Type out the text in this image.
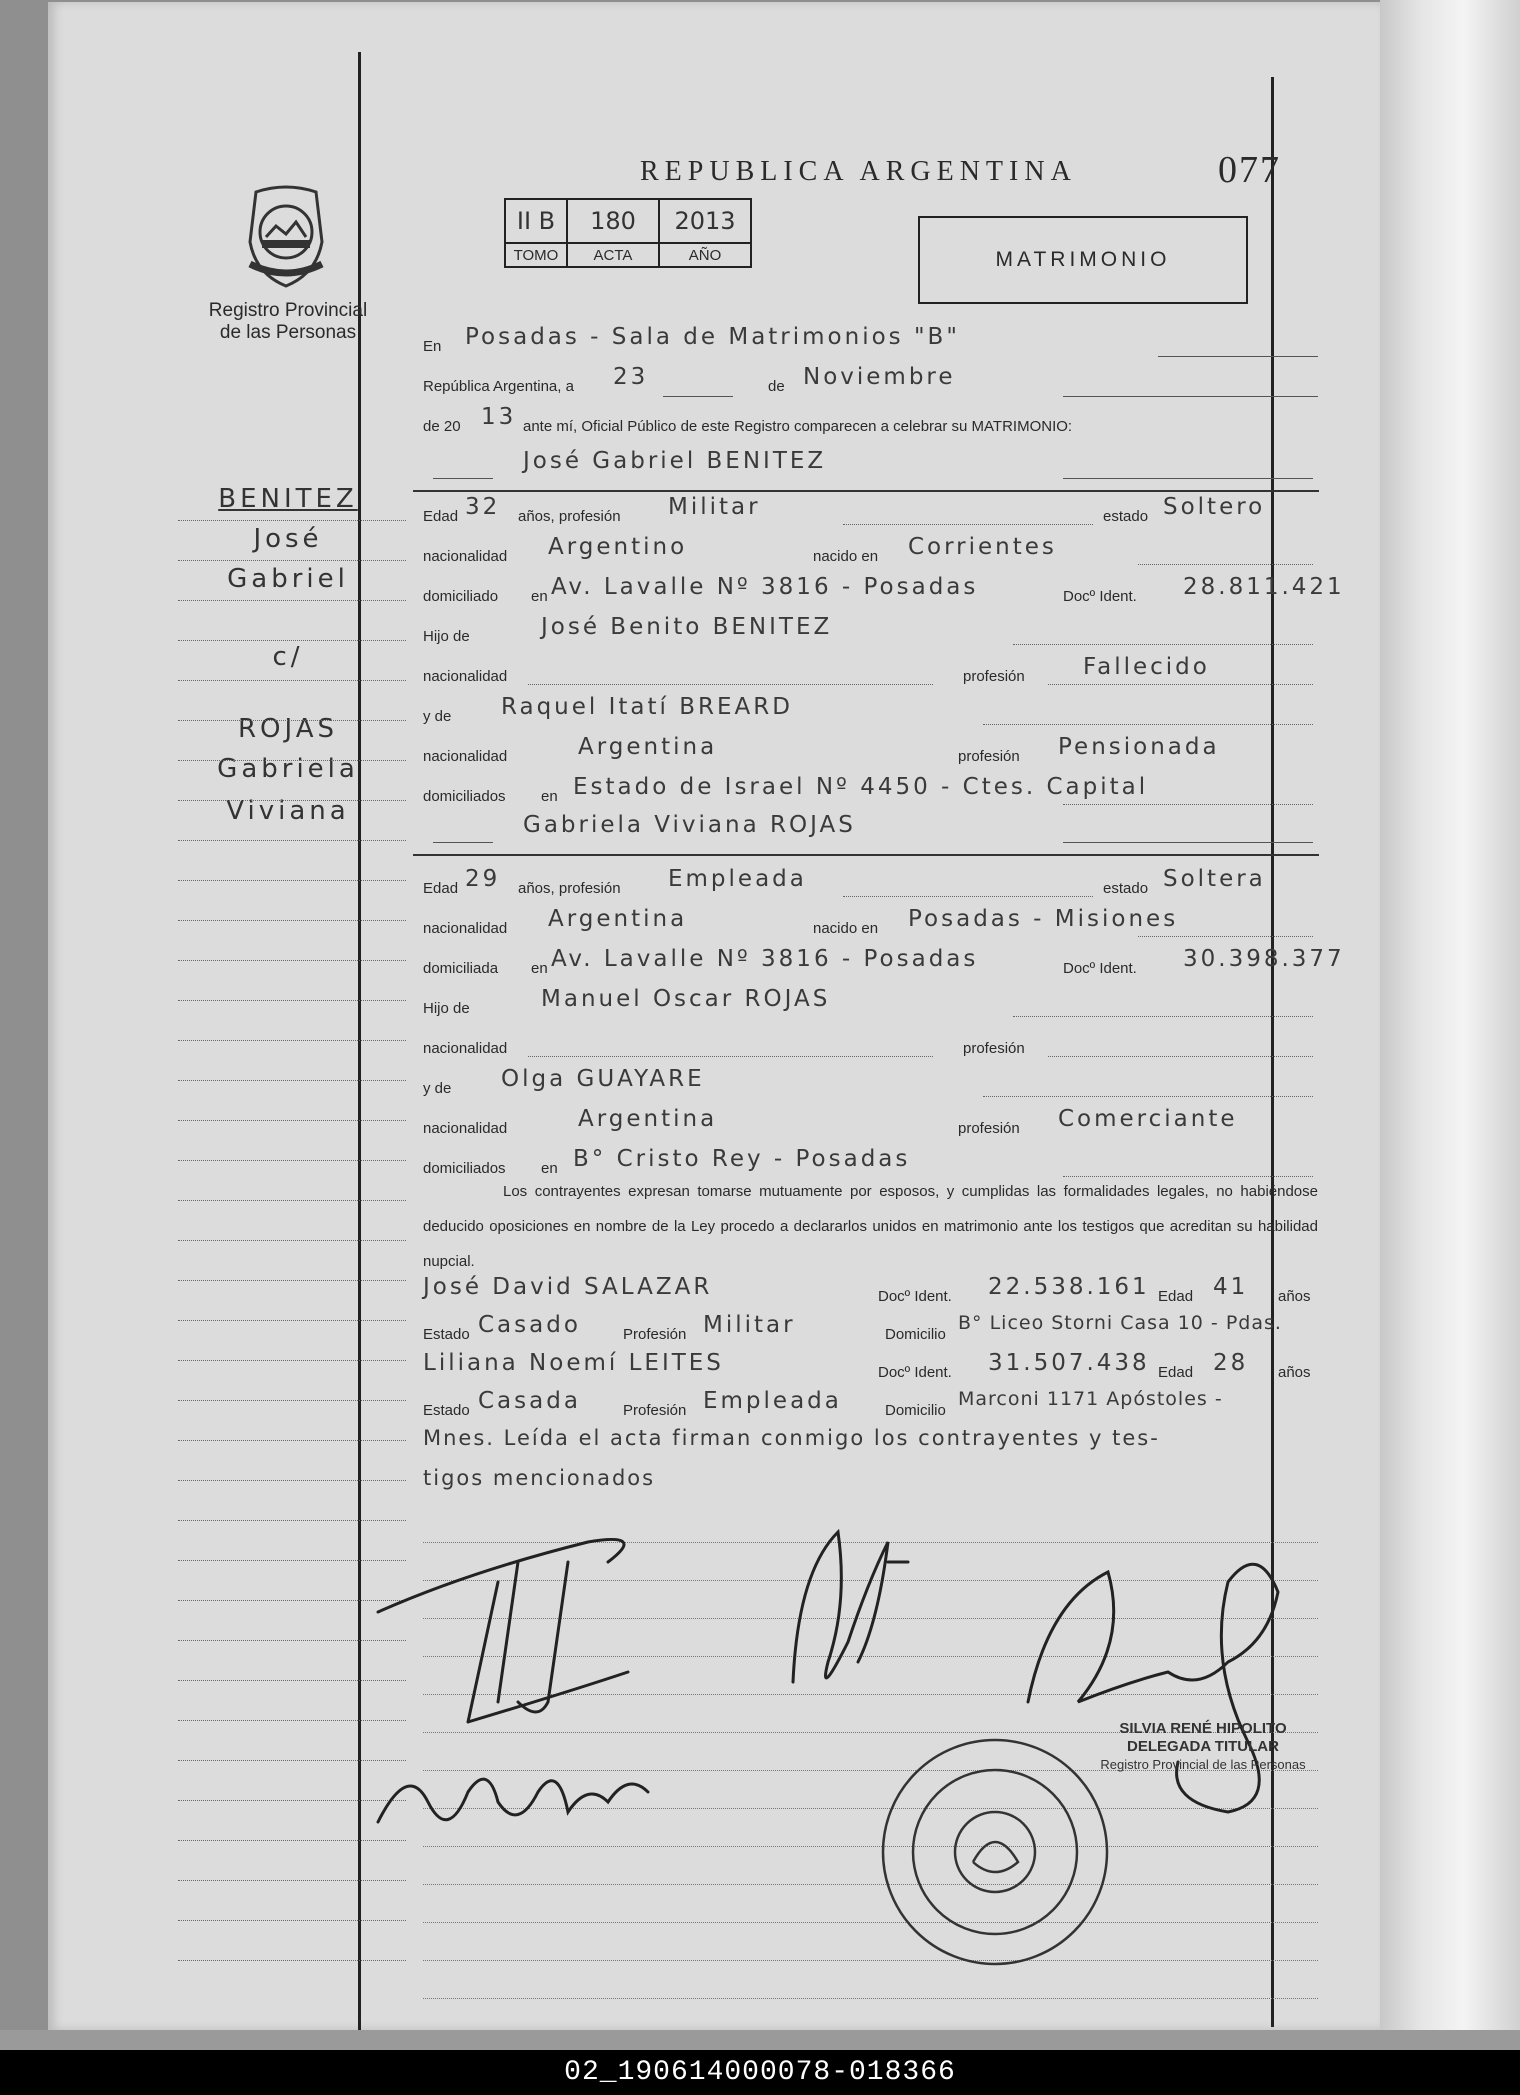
Registro Provincial
de las Personas
BENITEZ
José
Gabriel
c/
ROJAS
Gabriela
Viviana
REPUBLICA ARGENTINA	077
II B	180	2013
TOMO	ACTA	AÑO	MATRIMONIO
En Posadas - Sala de Matrimonios "B"
República Argentina, a 23	de Noviembre
de 20 13 ante mí, Oficial Público de este Registro comparecen a celebrar su MATRIMONIO:
José Gabriel BENITEZ
Edad 32 años, profesión Militar	estado Soltero
nacionalidad Argentino	nacido en Corrientes
domiciliado en Av. Lavalle Nº 3816 - Posadas	Docº Ident. 28.811.421
Hijo de	José Benito BENITEZ
nacionalidad	profesión	Fallecido
y de Raquel Itatí BREARD
nacionalidad	Argentina	profesión Pensionada
domiciliados en Estado de Israel Nº 4450 - Ctes. Capital
Gabriela Viviana ROJAS
Edad 29 años, profesión Empleada	estado Soltera
nacionalidad Argentina	nacido en Posadas - Misiones
domiciliada en Av. Lavalle Nº 3816 - Posadas	Docº Ident. 30.398.377
Hijo de	Manuel Oscar ROJAS
nacionalidad	profesión
y de Olga GUAYARE
nacionalidad	Argentina	profesión Comerciante
domiciliados en B° Cristo Rey - Posadas
Los contrayentes expresan tomarse mutuamente por esposos, y cumplidas las formalidades legales, no habiéndose deducido oposiciones en nombre de la Ley procedo a declararlos unidos en matrimonio ante los testigos que acreditan su habilidad nupcial.
José David SALAZAR	Docº Ident. 22.538.161 Edad 41 años
Estado Casado	Profesión Militar	Domicilio
B° Liceo Storni Casa 10 - Pdas.
Liliana Noemí LEITES	Docº Ident. 31.507.438 Edad 28 años
Estado Casada	Profesión Empleada	Domicilio
Marconi 1171 Apóstoles -
Mnes. Leída el acta firman conmigo los contrayentes y tes-
tigos mencionados
SILVIA RENÉ HIPOLITO
DELEGADA TITULAR
Registro Provincial de las Personas
02_190614000078-018366
